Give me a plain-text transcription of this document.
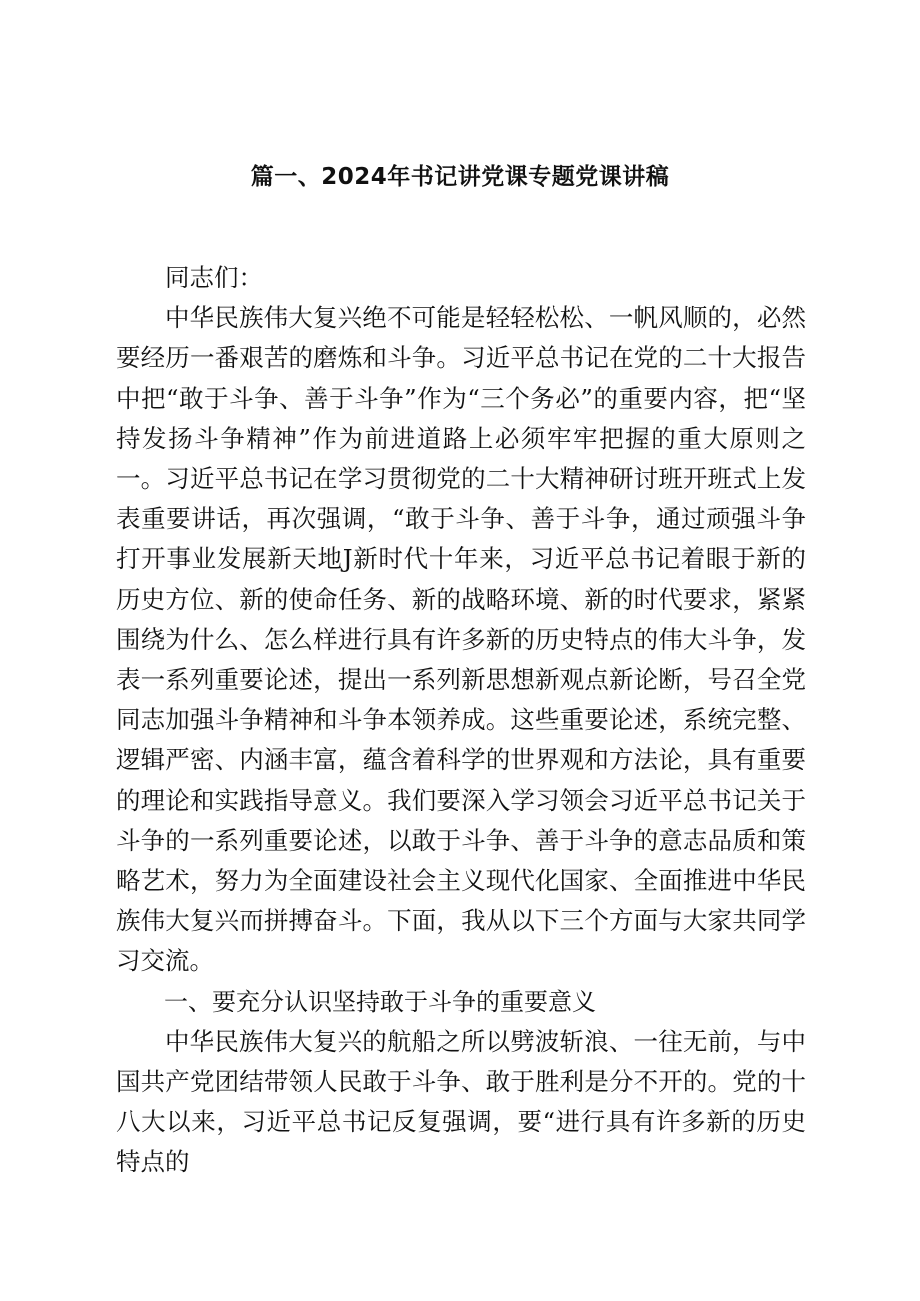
篇一、2024年书记讲党课专题党课讲稿

同志们：

中华民族伟大复兴绝不可能是轻轻松松、一帆风顺的，必然要经历一番艰苦的磨炼和斗争。习近平总书记在党的二十大报告中把“敢于斗争、善于斗争”作为“三个务必”的重要内容，把“坚持发扬斗争精神”作为前进道路上必须牢牢把握的重大原则之一。习近平总书记在学习贯彻党的二十大精神研讨班开班式上发表重要讲话，再次强调，“敢于斗争、善于斗争，通过顽强斗争打开事业发展新天地J新时代十年来，习近平总书记着眼于新的历史方位、新的使命任务、新的战略环境、新的时代要求，紧紧围绕为什么、怎么样进行具有许多新的历史特点的伟大斗争，发表一系列重要论述，提出一系列新思想新观点新论断，号召全党同志加强斗争精神和斗争本领养成。这些重要论述，系统完整、逻辑严密、内涵丰富，蕴含着科学的世界观和方法论，具有重要的理论和实践指导意义。我们要深入学习领会习近平总书记关于斗争的一系列重要论述，以敢于斗争、善于斗争的意志品质和策略艺术，努力为全面建设社会主义现代化国家、全面推进中华民族伟大复兴而拼搏奋斗。下面，我从以下三个方面与大家共同学习交流。

一、要充分认识坚持敢于斗争的重要意义

中华民族伟大复兴的航船之所以劈波斩浪、一往无前，与中国共产党团结带领人民敢于斗争、敢于胜利是分不开的。党的十八大以来，习近平总书记反复强调，要“进行具有许多新的历史特点的
